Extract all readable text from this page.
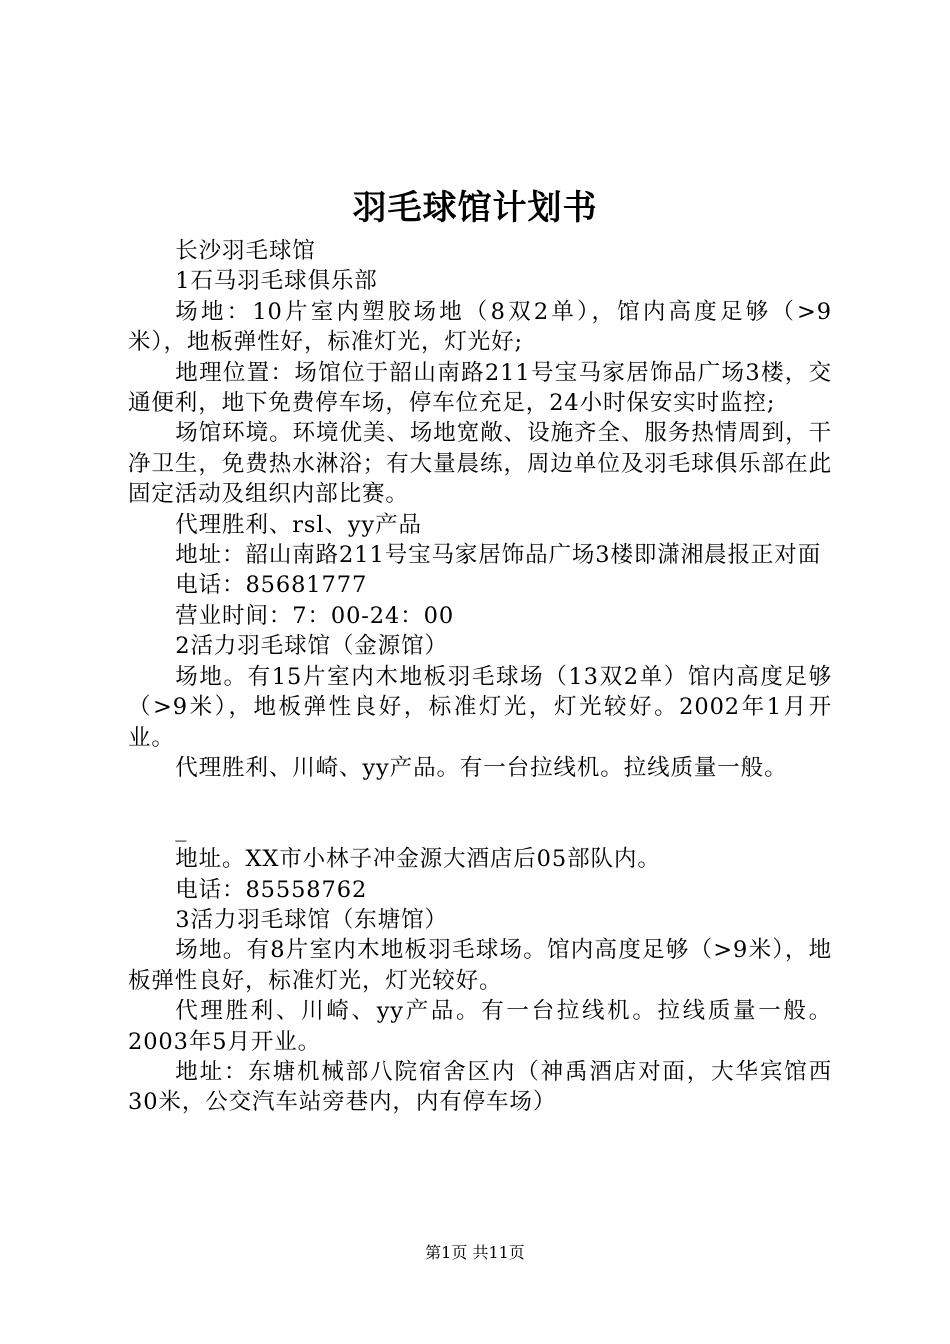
羽毛球馆计划书

长沙羽毛球馆

1石马羽毛球俱乐部

场地：10片室内塑胶场地（8双2单），馆内高度足够（>9米），地板弹性好，标准灯光，灯光好;

地理位置：场馆位于韶山南路211号宝马家居饰品广场3楼，交通便利，地下免费停车场，停车位充足，24小时保安实时监控;

场馆环境。环境优美、场地宽敞、设施齐全、服务热情周到，干净卫生，免费热水淋浴；有大量晨练，周边单位及羽毛球俱乐部在此固定活动及组织内部比赛。

代理胜利、rsl、yy产品

地址：韶山南路211号宝马家居饰品广场3楼即潇湘晨报正对面

电话：85681777

营业时间：7：00-24：00

2活力羽毛球馆（金源馆）

场地。有15片室内木地板羽毛球场（13双2单）馆内高度足够（>9米），地板弹性良好，标准灯光，灯光较好。2002年1月开业。

代理胜利、川崎、yy产品。有一台拉线机。拉线质量一般。

_

地址。XX市小林子冲金源大酒店后05部队内。

电话：85558762

3活力羽毛球馆（东塘馆）

场地。有8片室内木地板羽毛球场。馆内高度足够（>9米），地板弹性良好，标准灯光，灯光较好。

代理胜利、川崎、yy产品。有一台拉线机。拉线质量一般。2003年5月开业。

地址：东塘机械部八院宿舍区内（神禹酒店对面，大华宾馆西30米，公交汽车站旁巷内，内有停车场）

第1页 共11页
